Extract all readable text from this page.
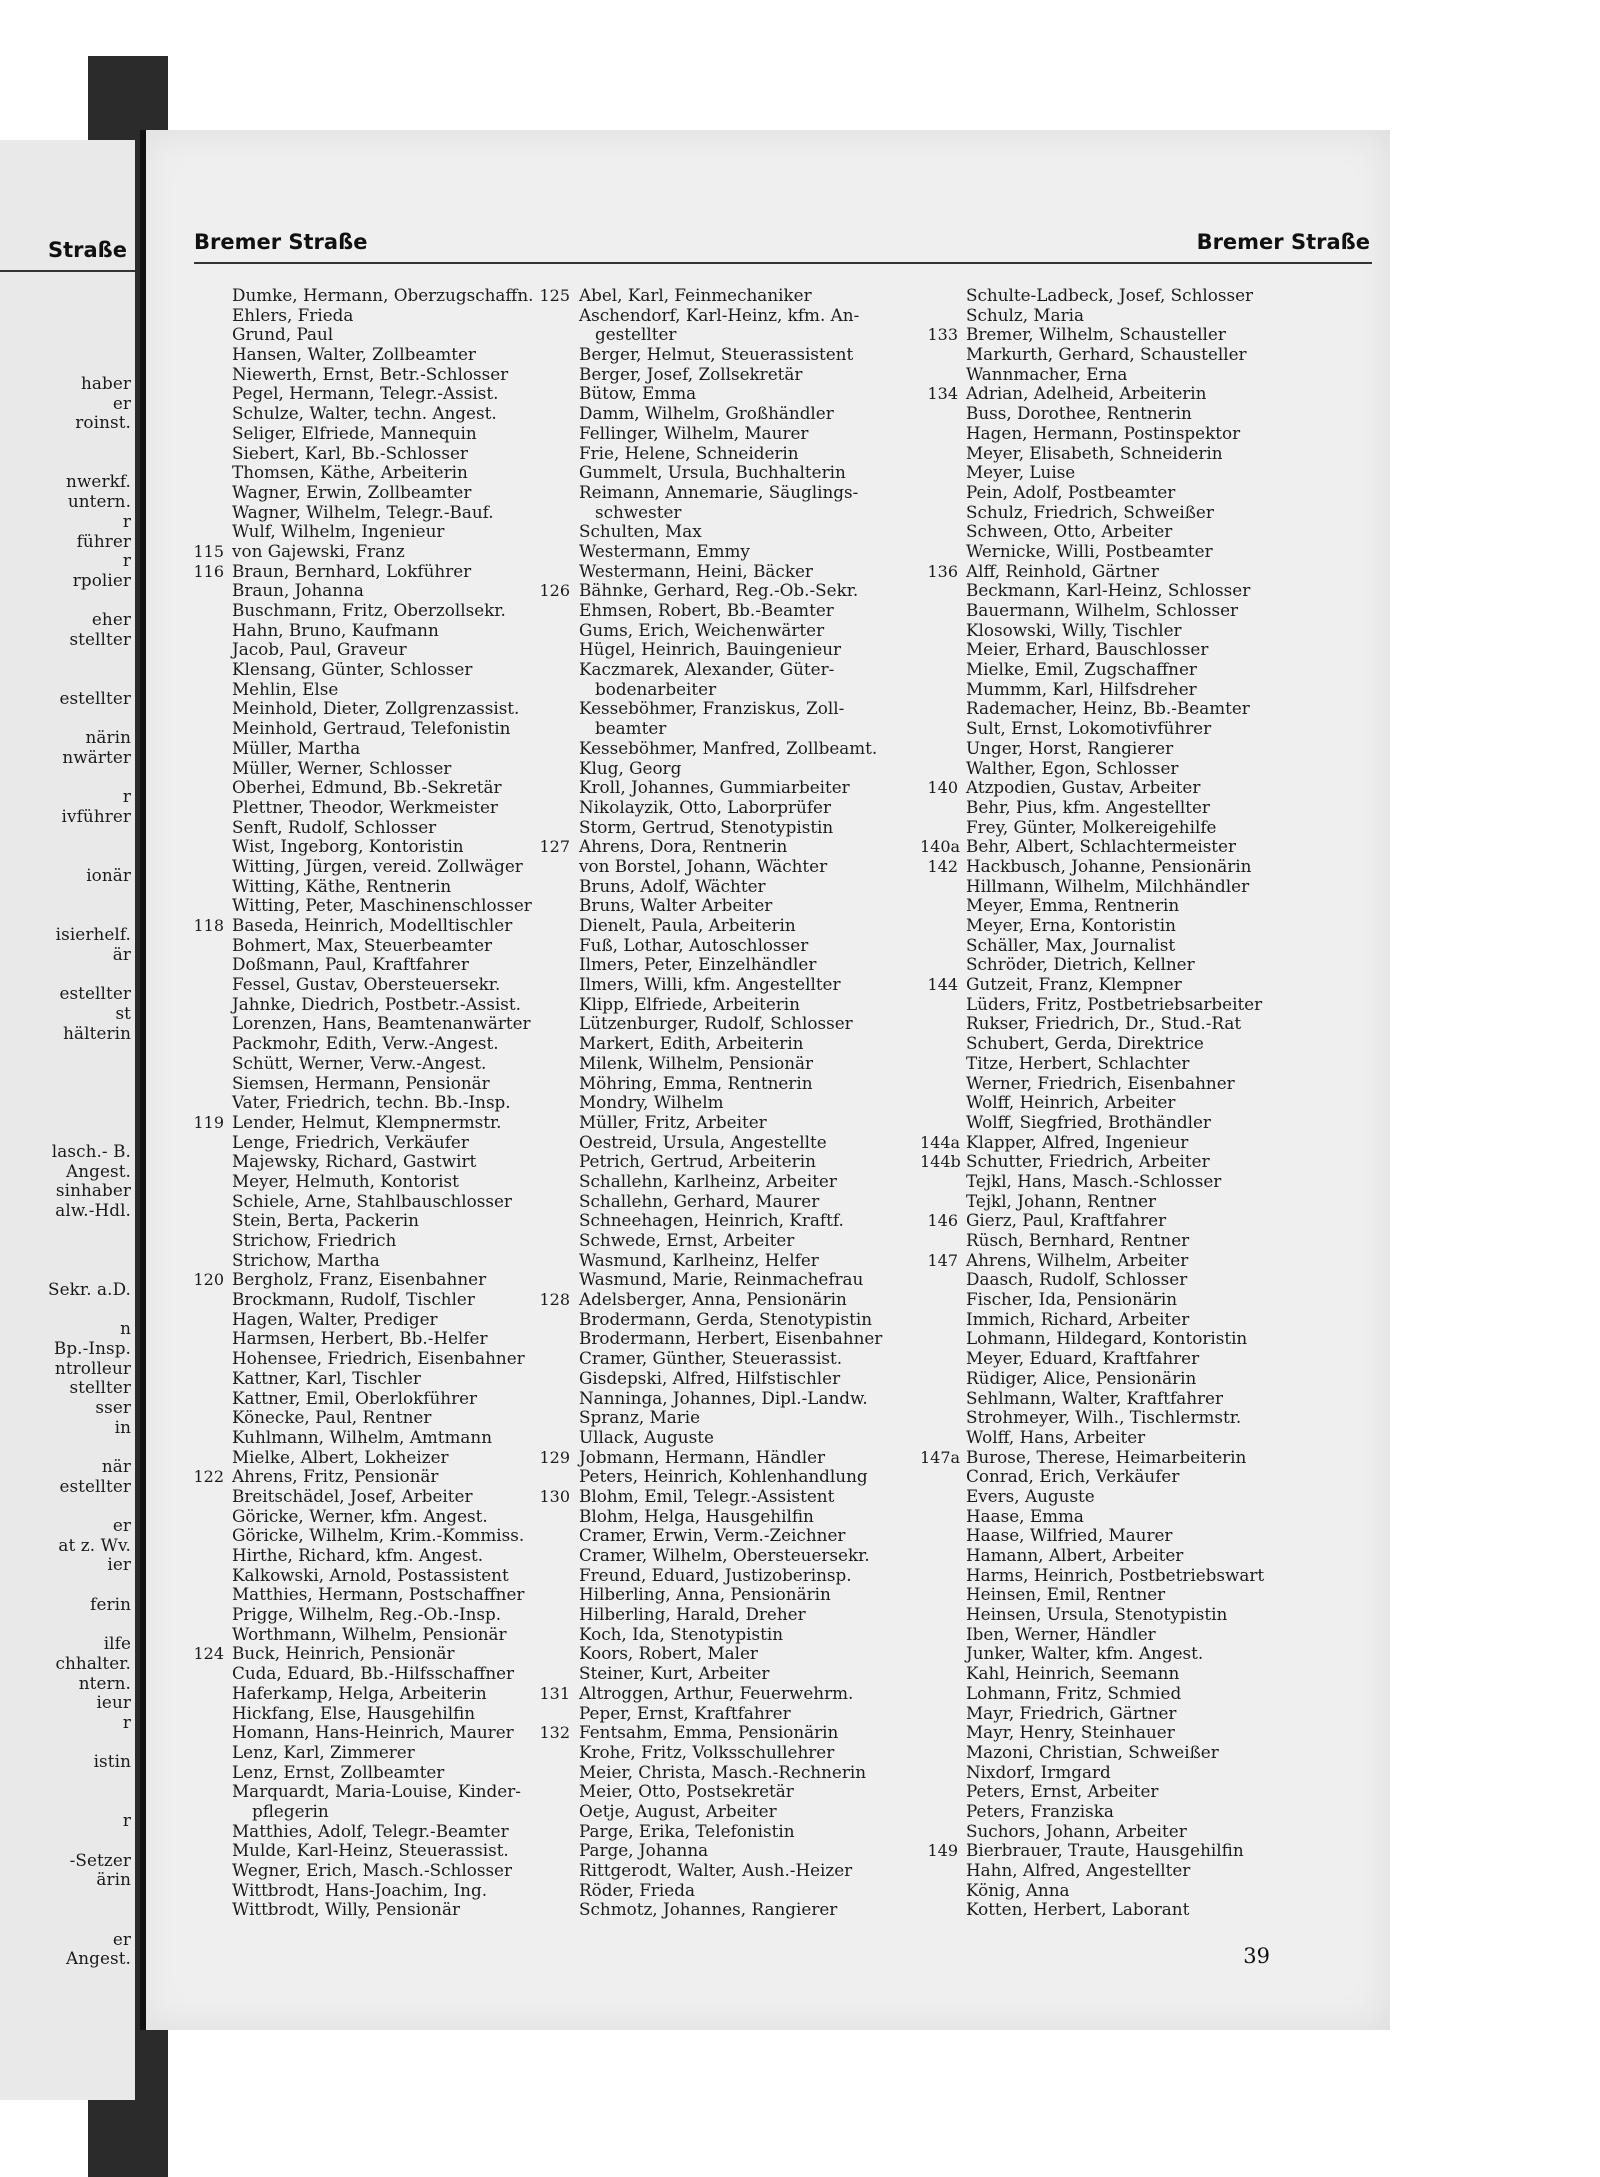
Straße
haber
er
roinst.
nwerkf.
untern.
r
führer
r
rpolier
eher
stellter
estellter
närin
nwärter
r
ivführer
ionär
isierhelf.
är
estellter
st
hälterin
lasch.- B.
Angest.
sinhaber
alw.-Hdl.
Sekr. a.D.
n
Bp.-Insp.
ntrolleur
stellter
sser
in
när
estellter
er
at z. Wv.
ier
ferin
ilfe
chhalter.
ntern.
ieur
r
istin
r
-Setzer
ärin
er
Angest.
Bremer Straße	Bremer Straße
Dumke, Hermann, Oberzugschaffn.
Ehlers, Frieda
Grund, Paul
Hansen, Walter, Zollbeamter
Niewerth, Ernst, Betr.-Schlosser
Pegel, Hermann, Telegr.-Assist.
Schulze, Walter, techn. Angest.
Seliger, Elfriede, Mannequin
Siebert, Karl, Bb.-Schlosser
Thomsen, Käthe, Arbeiterin
Wagner, Erwin, Zollbeamter
Wagner, Wilhelm, Telegr.-Bauf.
Wulf, Wilhelm, Ingenieur
115 von Gajewski, Franz
116 Braun, Bernhard, Lokführer
Braun, Johanna
Buschmann, Fritz, Oberzollsekr.
Hahn, Bruno, Kaufmann
Jacob, Paul, Graveur
Klensang, Günter, Schlosser
Mehlin, Else
Meinhold, Dieter, Zollgrenzassist.
Meinhold, Gertraud, Telefonistin
Müller, Martha
Müller, Werner, Schlosser
Oberhei, Edmund, Bb.-Sekretär
Plettner, Theodor, Werkmeister
Senft, Rudolf, Schlosser
Wist, Ingeborg, Kontoristin
Witting, Jürgen, vereid. Zollwäger
Witting, Käthe, Rentnerin
Witting, Peter, Maschinenschlosser
118 Baseda, Heinrich, Modelltischler
Bohmert, Max, Steuerbeamter
Doßmann, Paul, Kraftfahrer
Fessel, Gustav, Obersteuersekr.
Jahnke, Diedrich, Postbetr.-Assist.
Lorenzen, Hans, Beamtenanwärter
Packmohr, Edith, Verw.-Angest.
Schütt, Werner, Verw.-Angest.
Siemsen, Hermann, Pensionär
Vater, Friedrich, techn. Bb.-Insp.
119 Lender, Helmut, Klempnermstr.
Lenge, Friedrich, Verkäufer
Majewsky, Richard, Gastwirt
Meyer, Helmuth, Kontorist
Schiele, Arne, Stahlbauschlosser
Stein, Berta, Packerin
Strichow, Friedrich
Strichow, Martha
120 Bergholz, Franz, Eisenbahner
Brockmann, Rudolf, Tischler
Hagen, Walter, Prediger
Harmsen, Herbert, Bb.-Helfer
Hohensee, Friedrich, Eisenbahner
Kattner, Karl, Tischler
Kattner, Emil, Oberlokführer
Könecke, Paul, Rentner
Kuhlmann, Wilhelm, Amtmann
Mielke, Albert, Lokheizer
122 Ahrens, Fritz, Pensionär
Breitschädel, Josef, Arbeiter
Göricke, Werner, kfm. Angest.
Göricke, Wilhelm, Krim.-Kommiss.
Hirthe, Richard, kfm. Angest.
Kalkowski, Arnold, Postassistent
Matthies, Hermann, Postschaffner
Prigge, Wilhelm, Reg.-Ob.-Insp.
Worthmann, Wilhelm, Pensionär
124 Buck, Heinrich, Pensionär
Cuda, Eduard, Bb.-Hilfsschaffner
Haferkamp, Helga, Arbeiterin
Hickfang, Else, Hausgehilfin
Homann, Hans-Heinrich, Maurer
Lenz, Karl, Zimmerer
Lenz, Ernst, Zollbeamter
Marquardt, Maria-Louise, Kinder-
pflegerin
Matthies, Adolf, Telegr.-Beamter
Mulde, Karl-Heinz, Steuerassist.
Wegner, Erich, Masch.-Schlosser
Wittbrodt, Hans-Joachim, Ing.
Wittbrodt, Willy, Pensionär
125 Abel, Karl, Feinmechaniker
Aschendorf, Karl-Heinz, kfm. An-
gestellter
Berger, Helmut, Steuerassistent
Berger, Josef, Zollsekretär
Bütow, Emma
Damm, Wilhelm, Großhändler
Fellinger, Wilhelm, Maurer
Frie, Helene, Schneiderin
Gummelt, Ursula, Buchhalterin
Reimann, Annemarie, Säuglings-
schwester
Schulten, Max
Westermann, Emmy
Westermann, Heini, Bäcker
126 Bähnke, Gerhard, Reg.-Ob.-Sekr.
Ehmsen, Robert, Bb.-Beamter
Gums, Erich, Weichenwärter
Hügel, Heinrich, Bauingenieur
Kaczmarek, Alexander, Güter-
bodenarbeiter
Kesseböhmer, Franziskus, Zoll-
beamter
Kesseböhmer, Manfred, Zollbeamt.
Klug, Georg
Kroll, Johannes, Gummiarbeiter
Nikolayzik, Otto, Laborprüfer
Storm, Gertrud, Stenotypistin
127 Ahrens, Dora, Rentnerin
von Borstel, Johann, Wächter
Bruns, Adolf, Wächter
Bruns, Walter Arbeiter
Dienelt, Paula, Arbeiterin
Fuß, Lothar, Autoschlosser
Ilmers, Peter, Einzelhändler
Ilmers, Willi, kfm. Angestellter
Klipp, Elfriede, Arbeiterin
Lützenburger, Rudolf, Schlosser
Markert, Edith, Arbeiterin
Milenk, Wilhelm, Pensionär
Möhring, Emma, Rentnerin
Mondry, Wilhelm
Müller, Fritz, Arbeiter
Oestreid, Ursula, Angestellte
Petrich, Gertrud, Arbeiterin
Schallehn, Karlheinz, Arbeiter
Schallehn, Gerhard, Maurer
Schneehagen, Heinrich, Kraftf.
Schwede, Ernst, Arbeiter
Wasmund, Karlheinz, Helfer
Wasmund, Marie, Reinmachefrau
128 Adelsberger, Anna, Pensionärin
Brodermann, Gerda, Stenotypistin
Brodermann, Herbert, Eisenbahner
Cramer, Günther, Steuerassist.
Gisdepski, Alfred, Hilfstischler
Nanninga, Johannes, Dipl.-Landw.
Spranz, Marie
Ullack, Auguste
129 Jobmann, Hermann, Händler
Peters, Heinrich, Kohlenhandlung
130 Blohm, Emil, Telegr.-Assistent
Blohm, Helga, Hausgehilfin
Cramer, Erwin, Verm.-Zeichner
Cramer, Wilhelm, Obersteuersekr.
Freund, Eduard, Justizoberinsp.
Hilberling, Anna, Pensionärin
Hilberling, Harald, Dreher
Koch, Ida, Stenotypistin
Koors, Robert, Maler
Steiner, Kurt, Arbeiter
131 Altroggen, Arthur, Feuerwehrm.
Peper, Ernst, Kraftfahrer
132 Fentsahm, Emma, Pensionärin
Krohe, Fritz, Volksschullehrer
Meier, Christa, Masch.-Rechnerin
Meier, Otto, Postsekretär
Oetje, August, Arbeiter
Parge, Erika, Telefonistin
Parge, Johanna
Rittgerodt, Walter, Aush.-Heizer
Röder, Frieda
Schmotz, Johannes, Rangierer
Schulte-Ladbeck, Josef, Schlosser
Schulz, Maria
133 Bremer, Wilhelm, Schausteller
Markurth, Gerhard, Schausteller
Wannmacher, Erna
134 Adrian, Adelheid, Arbeiterin
Buss, Dorothee, Rentnerin
Hagen, Hermann, Postinspektor
Meyer, Elisabeth, Schneiderin
Meyer, Luise
Pein, Adolf, Postbeamter
Schulz, Friedrich, Schweißer
Schween, Otto, Arbeiter
Wernicke, Willi, Postbeamter
136 Alff, Reinhold, Gärtner
Beckmann, Karl-Heinz, Schlosser
Bauermann, Wilhelm, Schlosser
Klosowski, Willy, Tischler
Meier, Erhard, Bauschlosser
Mielke, Emil, Zugschaffner
Mummm, Karl, Hilfsdreher
Rademacher, Heinz, Bb.-Beamter
Sult, Ernst, Lokomotivführer
Unger, Horst, Rangierer
Walther, Egon, Schlosser
140 Atzpodien, Gustav, Arbeiter
Behr, Pius, kfm. Angestellter
Frey, Günter, Molkereigehilfe
140a Behr, Albert, Schlachtermeister
142 Hackbusch, Johanne, Pensionärin
Hillmann, Wilhelm, Milchhändler
Meyer, Emma, Rentnerin
Meyer, Erna, Kontoristin
Schäller, Max, Journalist
Schröder, Dietrich, Kellner
144 Gutzeit, Franz, Klempner
Lüders, Fritz, Postbetriebsarbeiter
Rukser, Friedrich, Dr., Stud.-Rat
Schubert, Gerda, Direktrice
Titze, Herbert, Schlachter
Werner, Friedrich, Eisenbahner
Wolff, Heinrich, Arbeiter
Wolff, Siegfried, Brothändler
144a Klapper, Alfred, Ingenieur
144b Schutter, Friedrich, Arbeiter
Tejkl, Hans, Masch.-Schlosser
Tejkl, Johann, Rentner
146 Gierz, Paul, Kraftfahrer
Rüsch, Bernhard, Rentner
147 Ahrens, Wilhelm, Arbeiter
Daasch, Rudolf, Schlosser
Fischer, Ida, Pensionärin
Immich, Richard, Arbeiter
Lohmann, Hildegard, Kontoristin
Meyer, Eduard, Kraftfahrer
Rüdiger, Alice, Pensionärin
Sehlmann, Walter, Kraftfahrer
Strohmeyer, Wilh., Tischlermstr.
Wolff, Hans, Arbeiter
147a Burose, Therese, Heimarbeiterin
Conrad, Erich, Verkäufer
Evers, Auguste
Haase, Emma
Haase, Wilfried, Maurer
Hamann, Albert, Arbeiter
Harms, Heinrich, Postbetriebswart
Heinsen, Emil, Rentner
Heinsen, Ursula, Stenotypistin
Iben, Werner, Händler
Junker, Walter, kfm. Angest.
Kahl, Heinrich, Seemann
Lohmann, Fritz, Schmied
Mayr, Friedrich, Gärtner
Mayr, Henry, Steinhauer
Mazoni, Christian, Schweißer
Nixdorf, Irmgard
Peters, Ernst, Arbeiter
Peters, Franziska
Suchors, Johann, Arbeiter
149 Bierbrauer, Traute, Hausgehilfin
Hahn, Alfred, Angestellter
König, Anna
Kotten, Herbert, Laborant
39
